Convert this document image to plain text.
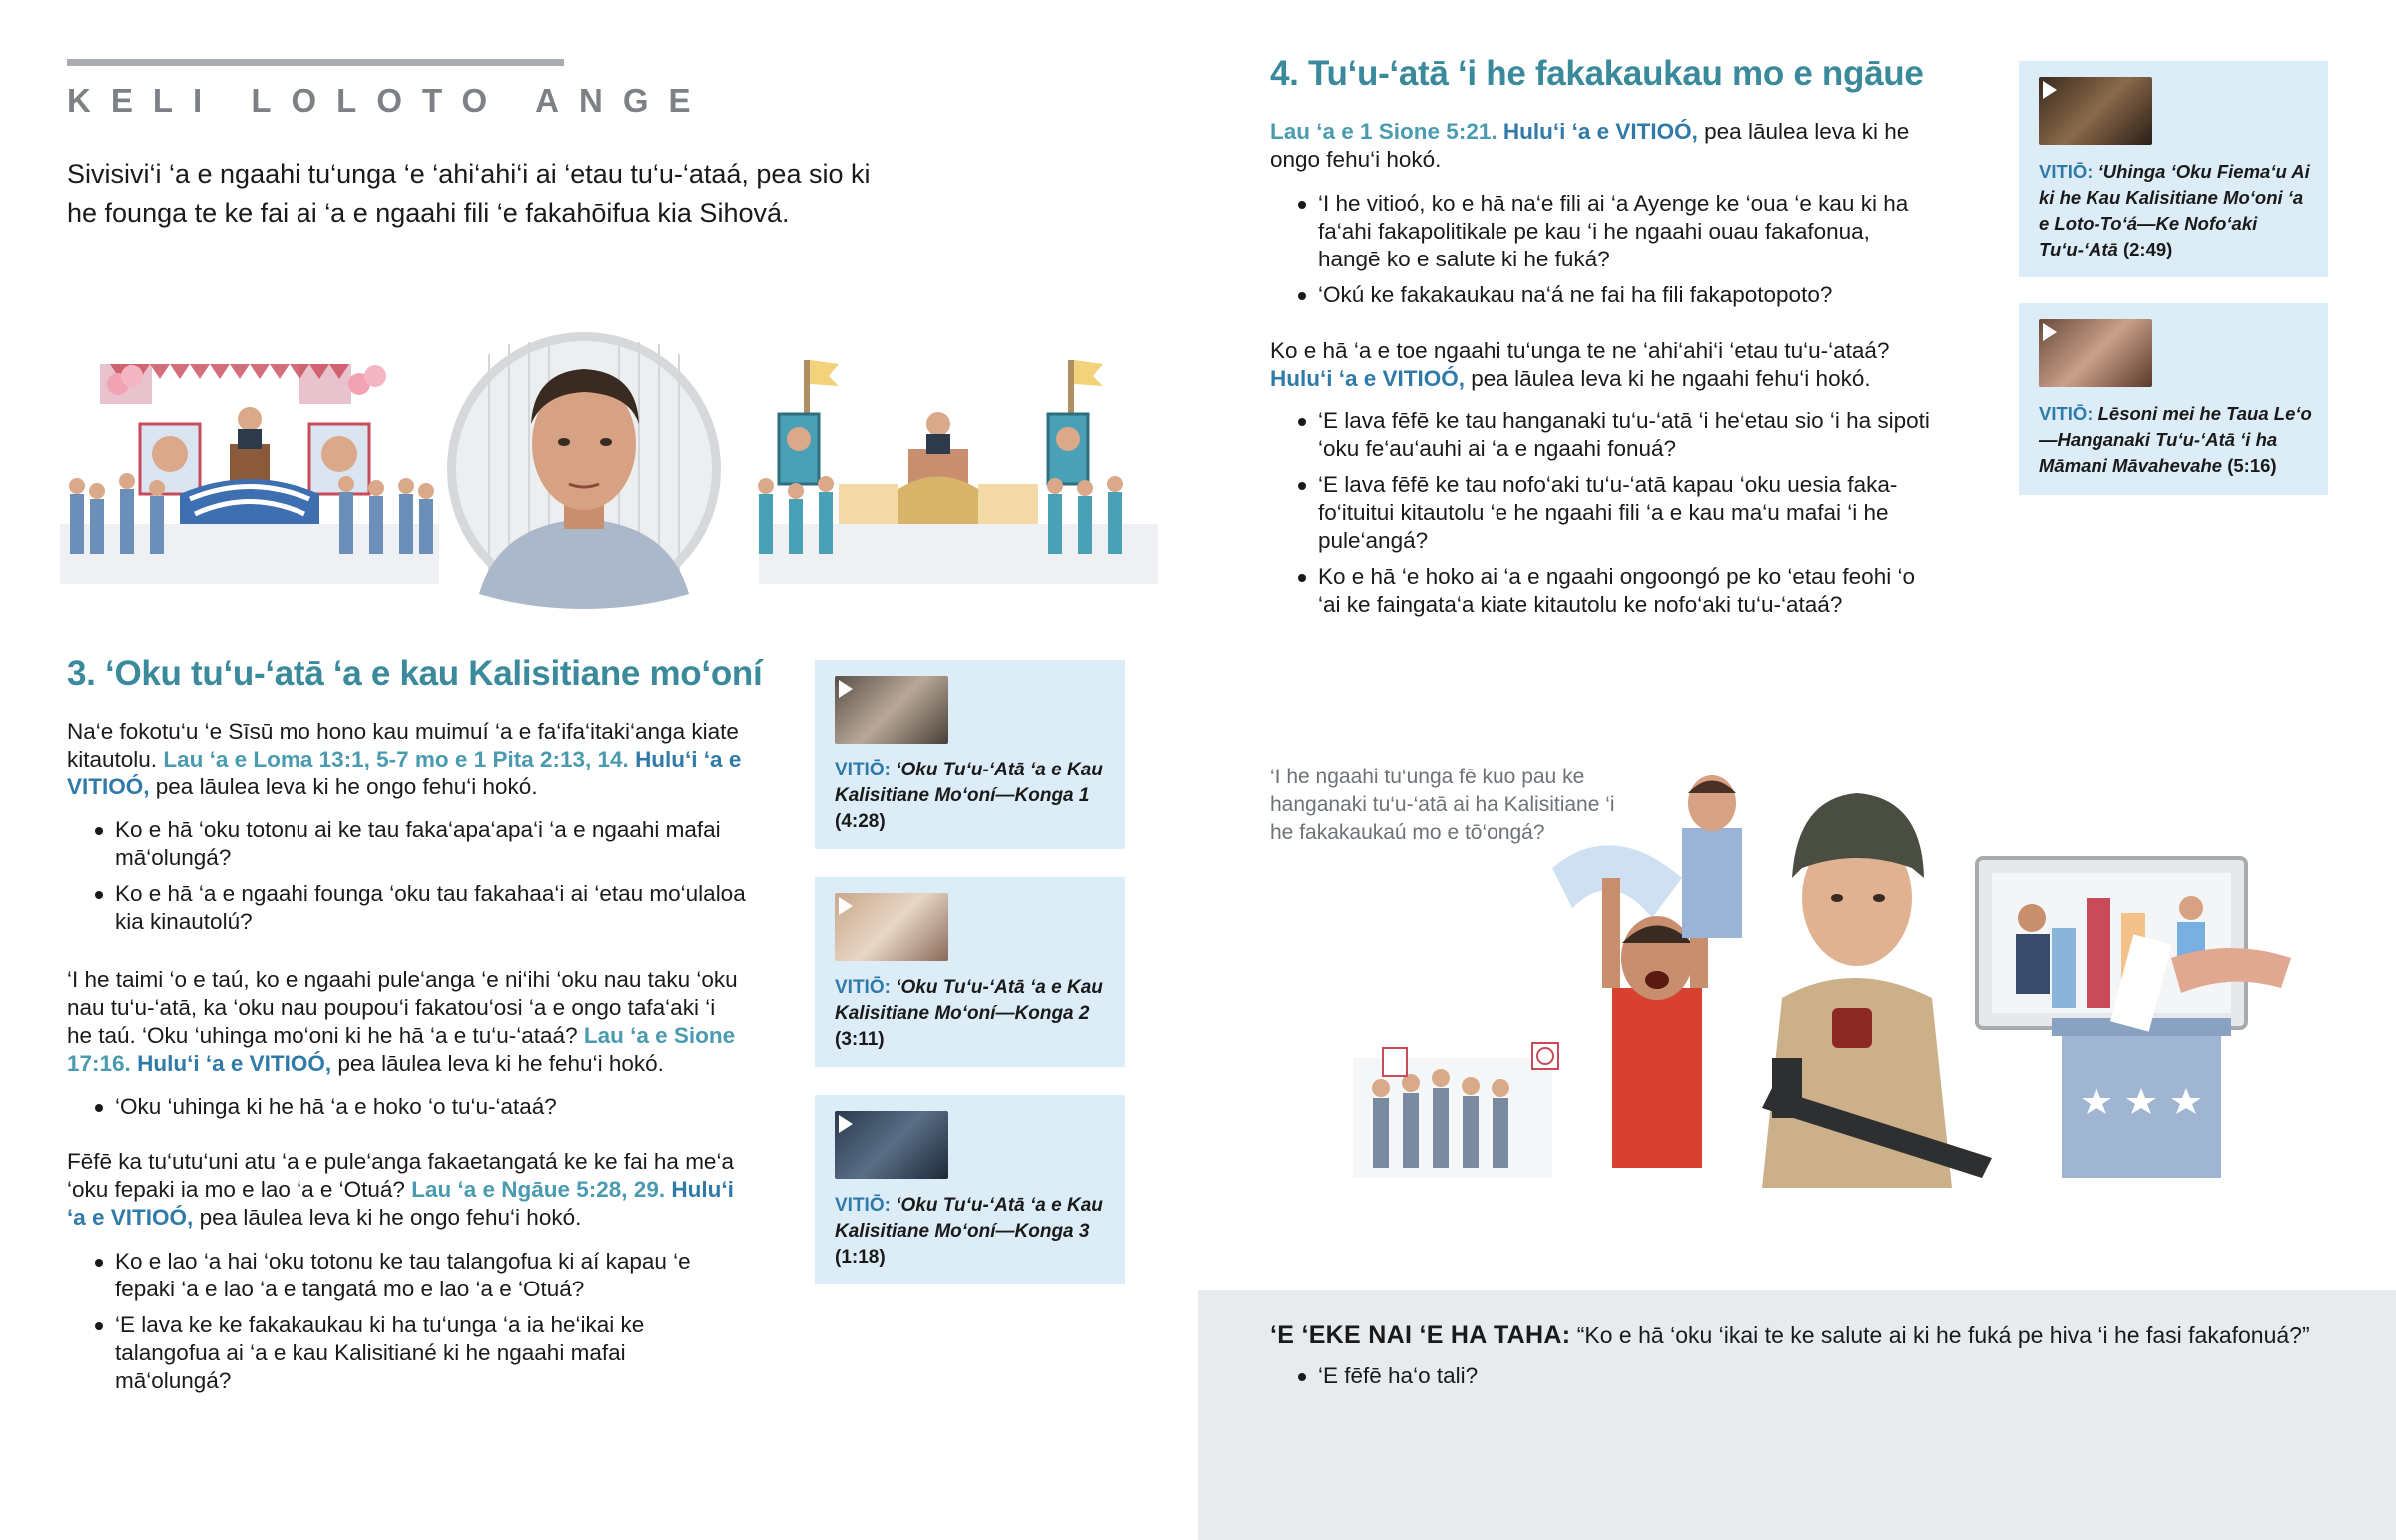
KELI LOLOTO ANGE
Sivisivi‘i ‘a e ngaahi tu‘unga ‘e ‘ahi‘ahi‘i ai ‘etau tu‘u-‘ataá, pea sio ki he founga te ke fai ai ‘a e ngaahi fili ‘e fakahōifua kia Sihová.
3. ‘Oku tu‘u-‘atā ‘a e kau Kalisitiane mo‘oní
Na‘e fokotu‘u ‘e Sīsū mo hono kau muimuí ‘a e fa‘ifa‘itaki‘anga kiate kitautolu. Lau ‘a e Loma 13:1, 5-7 mo e 1 Pita 2:13, 14. Hulu‘i ‘a e VITIOÓ, pea lāulea leva ki he ongo fehu‘i hokó.
Ko e hā ‘oku totonu ai ke tau faka‘apa‘apa‘i ‘a e ngaahi mafai mā‘olungá?
Ko e hā ‘a e ngaahi founga ‘oku tau fakahaa‘i ai ‘etau mo‘ulaloa kia kinautolú?
‘I he taimi ‘o e taú, ko e ngaahi pule‘anga ‘e ni‘ihi ‘oku nau taku ‘oku nau tu‘u-‘atā, ka ‘oku nau poupou‘i fakatou‘osi ‘a e ongo tafa‘aki ‘i he taú. ‘Oku ‘uhinga mo‘oni ki he hā ‘a e tu‘u-‘ataá? Lau ‘a e Sione 17:16. Hulu‘i ‘a e VITIOÓ, pea lāulea leva ki he fehu‘i hokó.
‘Oku ‘uhinga ki he hā ‘a e hoko ‘o tu‘u-‘ataá?
Fēfē ka tu‘utu‘uni atu ‘a e pule‘anga fakaetangatá ke ke fai ha me‘a ‘oku fepaki ia mo e lao ‘a e ‘Otuá? Lau ‘a e Ngāue 5:28, 29. Hulu‘i ‘a e VITIOÓ, pea lāulea leva ki he ongo fehu‘i hokó.
Ko e lao ‘a hai ‘oku totonu ke tau talangofua ki aí kapau ‘e fepaki ‘a e lao ‘a e tangatá mo e lao ‘a e ‘Otuá?
‘E lava ke ke fakakaukau ki ha tu‘unga ‘a ia he‘ikai ke talangofua ai ‘a e kau Kalisitiané ki he ngaahi mafai mā‘olungá?
VITIŌ: ‘Oku Tu‘u-‘Atā ‘a e Kau Kalisitiane Mo‘oní—Konga 1 (4:28)
VITIŌ: ‘Oku Tu‘u-‘Atā ‘a e Kau Kalisitiane Mo‘oní—Konga 2 (3:11)
VITIŌ: ‘Oku Tu‘u-‘Atā ‘a e Kau Kalisitiane Mo‘oní—Konga 3 (1:18)
4. Tu‘u-‘atā ‘i he fakakaukau mo e ngāue
Lau ‘a e 1 Sione 5:21. Hulu‘i ‘a e VITIOÓ, pea lāulea leva ki he ongo fehu‘i hokó.
‘I he vitioó, ko e hā na‘e fili ai ‘a Ayenge ke ‘oua ‘e kau ki ha fa‘ahi fakapolitikale pe kau ‘i he ngaahi ouau fakafonua, hangē ko e salute ki he fuká?
‘Okú ke fakakaukau na‘á ne fai ha fili fakapotopoto?
Ko e hā ‘a e toe ngaahi tu‘unga te ne ‘ahi‘ahi‘i ‘etau tu‘u-‘ataá? Hulu‘i ‘a e VITIOÓ, pea lāulea leva ki he ngaahi fehu‘i hokó.
‘E lava fēfē ke tau hanganaki tu‘u-‘atā ‘i he‘etau sio ‘i ha sipoti ‘oku fe‘au‘auhi ai ‘a e ngaahi fonuá?
‘E lava fēfē ke tau nofo‘aki tu‘u-‘atā kapau ‘oku uesia faka-fo‘ituitui kitautolu ‘e he ngaahi fili ‘a e kau ma‘u mafai ‘i he pule‘angá?
Ko e hā ‘e hoko ai ‘a e ngaahi ongoongó pe ko ‘etau feohi ‘o ‘ai ke faingata‘a kiate kitautolu ke nofo‘aki tu‘u-‘ataá?
VITIŌ: ‘Uhinga ‘Oku Fiema‘u Ai ki he Kau Kalisitiane Mo‘oni ‘a e Loto-To‘á—Ke Nofo‘aki Tu‘u-‘Atā (2:49)
VITIŌ: Lēsoni mei he Taua Le‘o—Hanganaki Tu‘u-‘Atā ‘i ha Māmani Māvahevahe (5:16)
‘I he ngaahi tu‘unga fē kuo pau ke hanganaki tu‘u-‘atā ai ha Kalisitiane ‘i he fakakaukaú mo e tō‘ongá?
‘E ‘EKE NAI ‘E HA TAHA: “Ko e hā ‘oku ‘ikai te ke salute ai ki he fuká pe hiva ‘i he fasi fakafonuá?”
‘E fēfē ha‘o tali?
